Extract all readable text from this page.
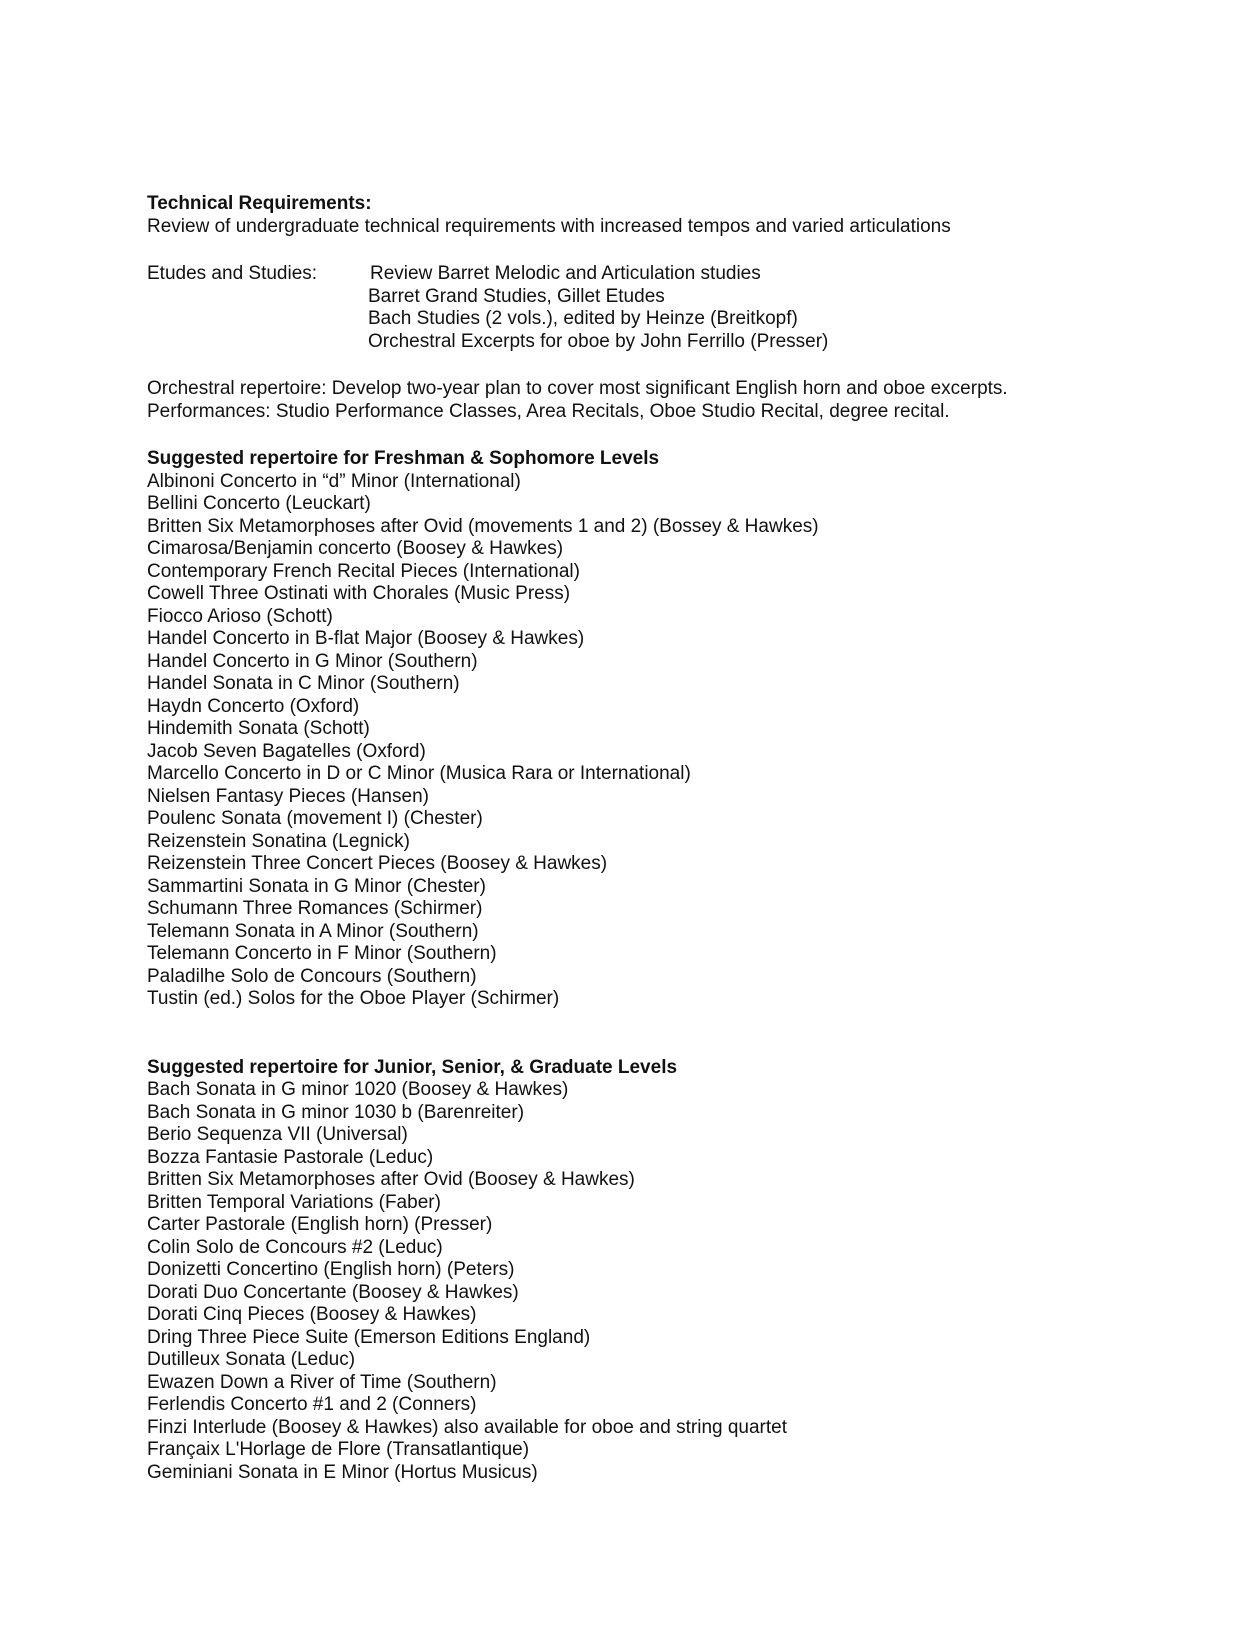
Technical Requirements:

Review of undergraduate technical requirements with increased tempos and varied articulations

Etudes and Studies:	Review Barret Melodic and Articulation studies

Barret Grand Studies, Gillet Etudes

Bach Studies (2 vols.), edited by Heinze (Breitkopf)

Orchestral Excerpts for oboe by John Ferrillo (Presser)

Orchestral repertoire: Develop two-year plan to cover most significant English horn and oboe excerpts.

Performances: Studio Performance Classes, Area Recitals, Oboe Studio Recital, degree recital.

Suggested repertoire for Freshman & Sophomore Levels

Albinoni Concerto in “d” Minor (International)
Bellini Concerto (Leuckart)
Britten Six Metamorphoses after Ovid (movements 1 and 2) (Bossey & Hawkes)
Cimarosa/Benjamin concerto (Boosey & Hawkes)
Contemporary French Recital Pieces (International)
Cowell Three Ostinati with Chorales (Music Press)
Fiocco Arioso (Schott)
Handel Concerto in B-flat Major (Boosey & Hawkes)
Handel Concerto in G Minor (Southern)
Handel Sonata in C Minor (Southern)
Haydn Concerto (Oxford)
Hindemith Sonata (Schott)
Jacob Seven Bagatelles (Oxford)
Marcello Concerto in D or C Minor (Musica Rara or International)
Nielsen Fantasy Pieces (Hansen)
Poulenc Sonata (movement I) (Chester)
Reizenstein Sonatina (Legnick)
Reizenstein Three Concert Pieces (Boosey & Hawkes)
Sammartini Sonata in G Minor (Chester)
Schumann Three Romances (Schirmer)
Telemann Sonata in A Minor (Southern)
Telemann Concerto in F Minor (Southern)
Paladilhe Solo de Concours (Southern)
Tustin (ed.) Solos for the Oboe Player (Schirmer)

Suggested repertoire for Junior, Senior, & Graduate Levels

Bach Sonata in G minor 1020 (Boosey & Hawkes)
Bach Sonata in G minor 1030 b (Barenreiter)
Berio Sequenza VII (Universal)
Bozza Fantasie Pastorale (Leduc)
Britten Six Metamorphoses after Ovid (Boosey & Hawkes)
Britten Temporal Variations (Faber)
Carter Pastorale (English horn) (Presser)
Colin Solo de Concours #2 (Leduc)
Donizetti Concertino (English horn) (Peters)
Dorati Duo Concertante (Boosey & Hawkes)
Dorati Cinq Pieces (Boosey & Hawkes)
Dring Three Piece Suite (Emerson Editions England)
Dutilleux Sonata (Leduc)
Ewazen Down a River of Time (Southern)
Ferlendis Concerto #1 and 2 (Conners)
Finzi Interlude (Boosey & Hawkes) also available for oboe and string quartet
Françaix L'Horlage de Flore (Transatlantique)
Geminiani Sonata in E Minor (Hortus Musicus)
